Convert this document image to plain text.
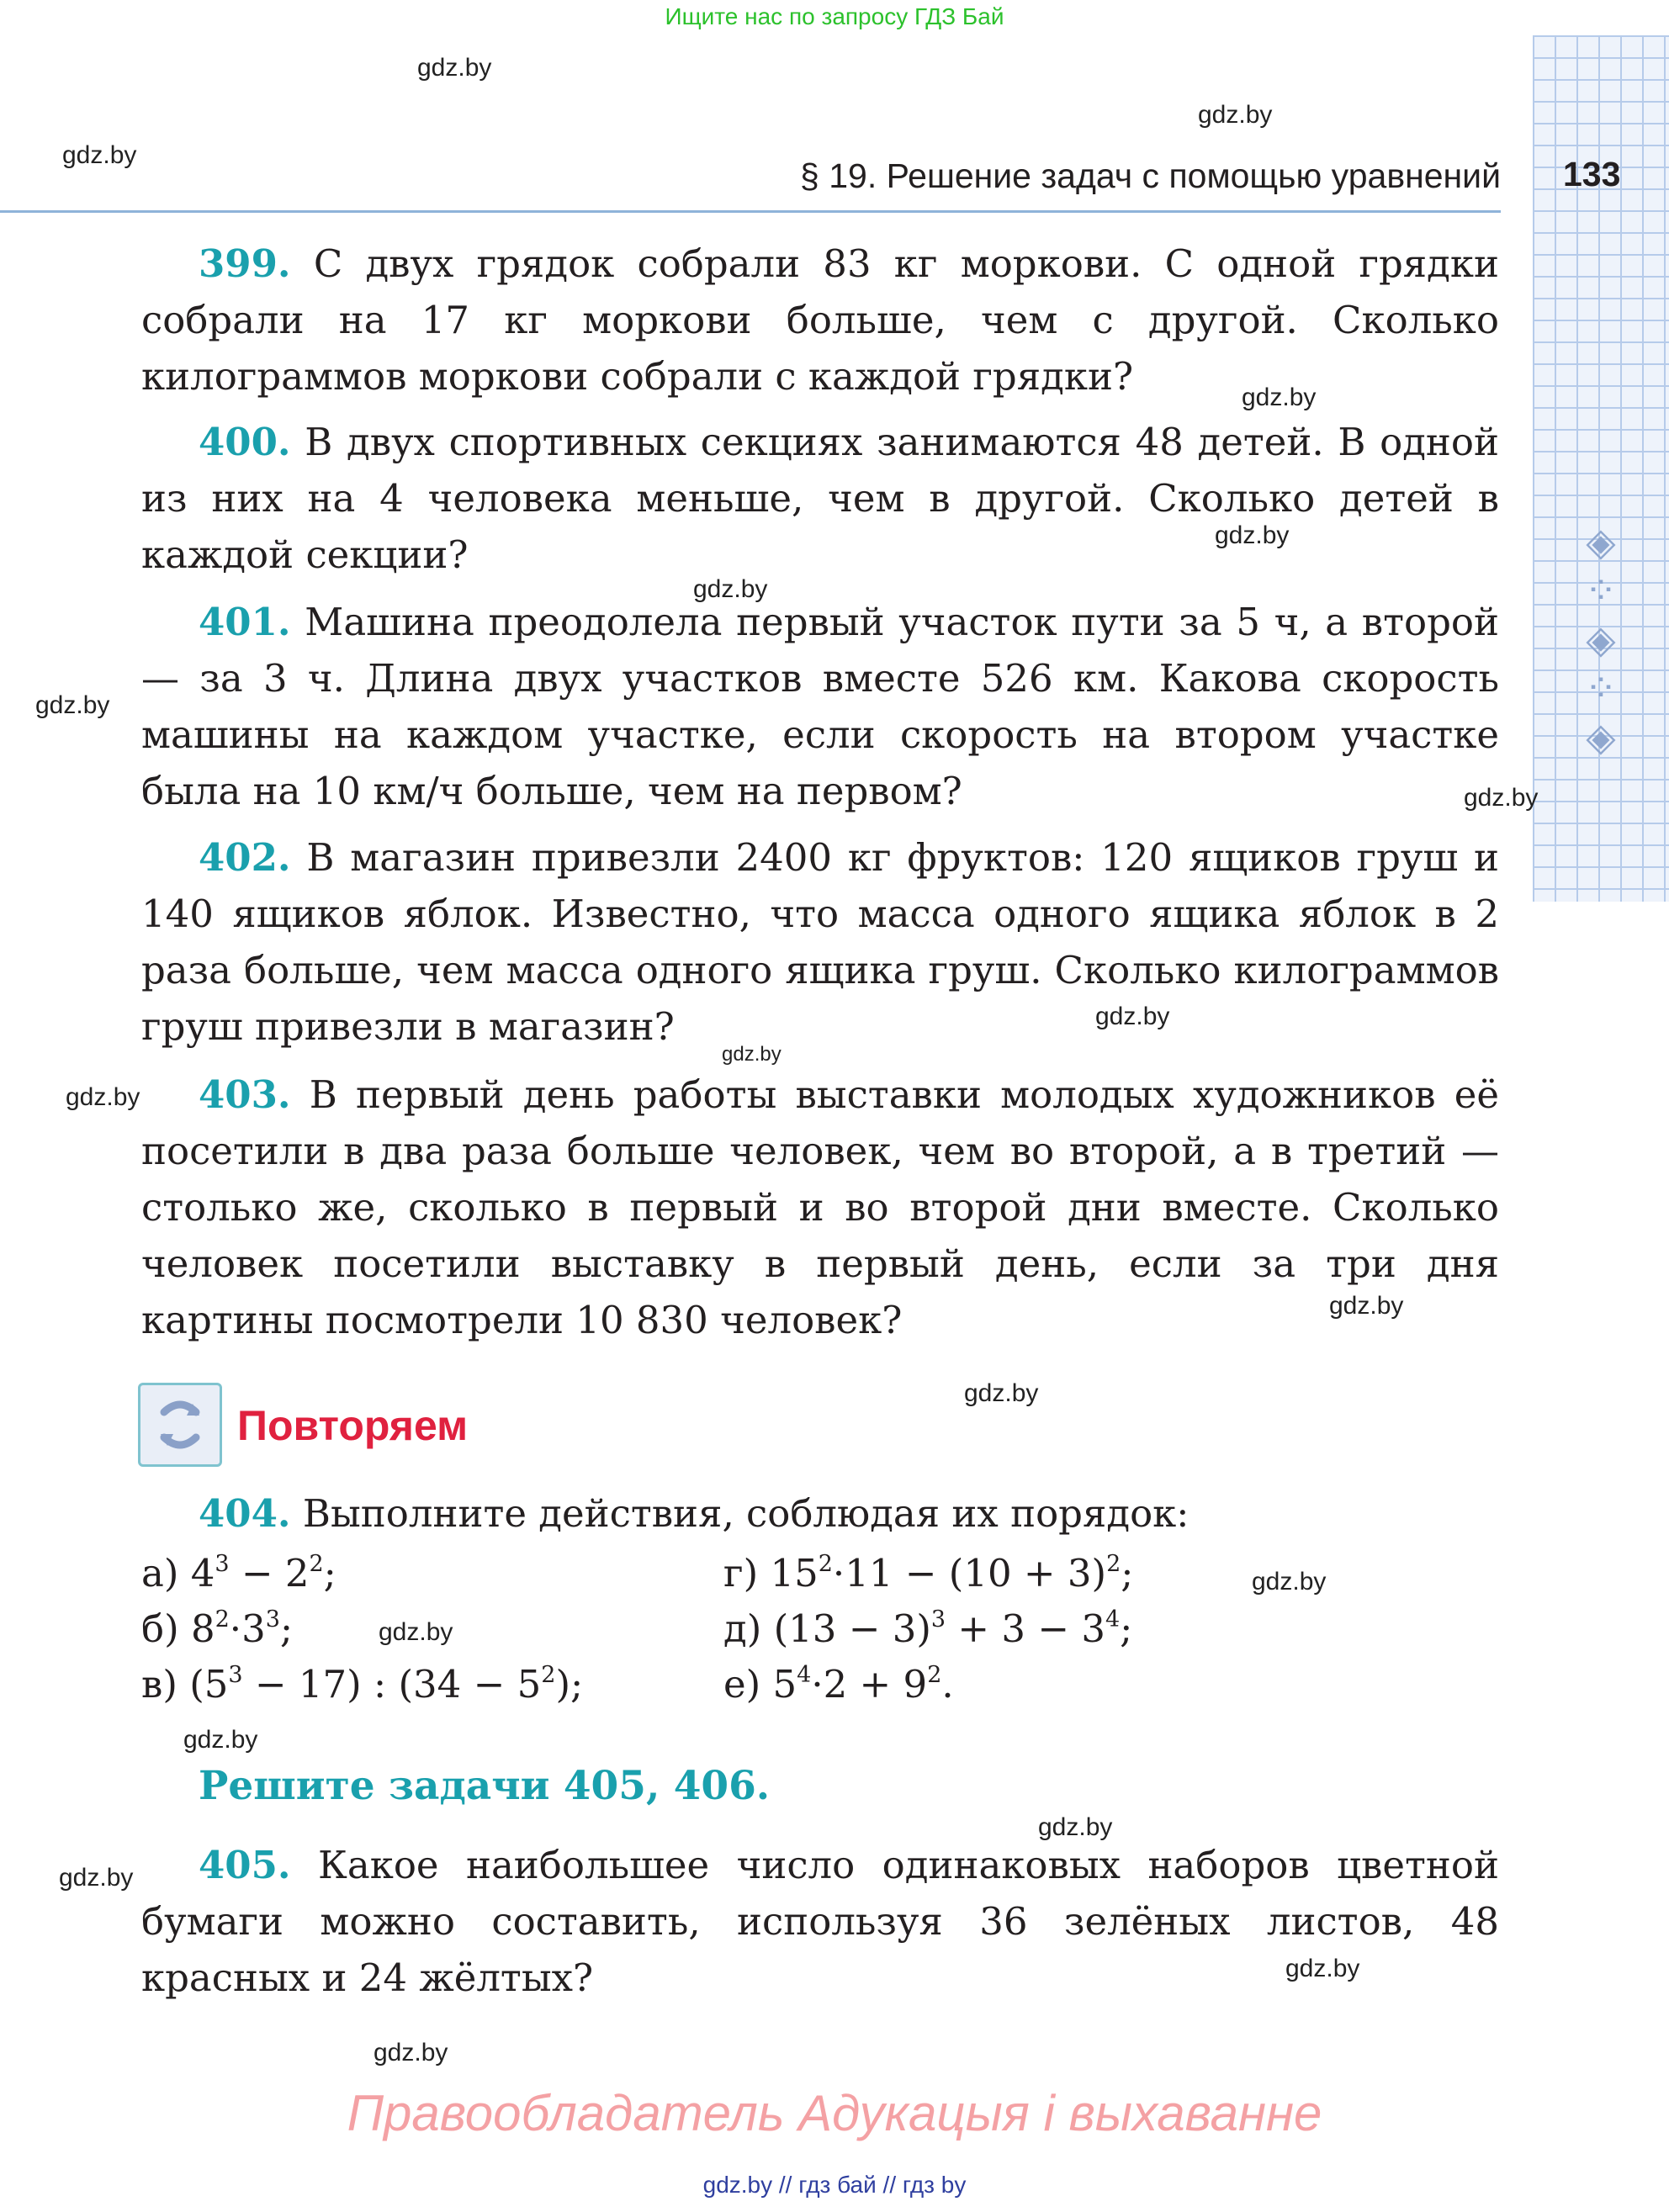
◈
⁘
◈
⁘
◈
Ищите нас по запросу ГДЗ Бай
§ 19. Решение задач с помощью уравнений 133
gdz.by
gdz.by
gdz.by
gdz.by
gdz.by
gdz.by
gdz.by
gdz.by
gdz.by
gdz.by
gdz.by
gdz.by
gdz.by
gdz.by
gdz.by
gdz.by
gdz.by
gdz.by
gdz.by
gdz.by
399. С двух грядок собрали 83 кг моркови. С одной грядки собрали на 17 кг моркови больше, чем с другой. Сколько килограммов моркови собрали с каждой грядки?
400. В двух спортивных секциях занимаются 48 детей. В одной из них на 4 человека меньше, чем в другой. Сколько детей в каждой секции?
401. Машина преодолела первый участок пути за 5 ч, а второй — за 3 ч. Длина двух участков вместе 526 км. Какова скорость машины на каждом участке, если скорость на втором участке была на 10 км/ч больше, чем на первом?
402. В магазин привезли 2400 кг фруктов: 120 ящиков груш и 140 ящиков яблок. Известно, что масса одного ящика яблок в 2 раза больше, чем масса одного ящика груш. Сколько килограммов груш привезли в магазин?
403. В первый день работы выставки молодых художников её посетили в два раза больше человек, чем во второй, а в третий — столько же, сколько в первый и во второй дни вместе. Сколько человек посетили выставку в первый день, если за три дня картины посмотрели 10 830 человек?
Повторяем
404. Выполните действия, соблюдая их порядок:
а) $4^3 - 2^2$;
б) $8^2\cdot 3^3$;
в) $(5^3 - 17)$ : $(34 - 5^2)$;
г) $15^2\cdot 11 - (10 + 3)^2$;
д) $(13 - 3)^3 + 3 - 3^4$;
е) $5^4\cdot 2 + 9^2$.
Решите задачи 405, 406.
405. Какое наибольшее число одинаковых наборов цветной бумаги можно составить, используя 36 зелёных листов, 48 красных и 24 жёлтых?
Правообладатель Адукацыя і выхаванне
gdz.by // гдз бай // гдз by
